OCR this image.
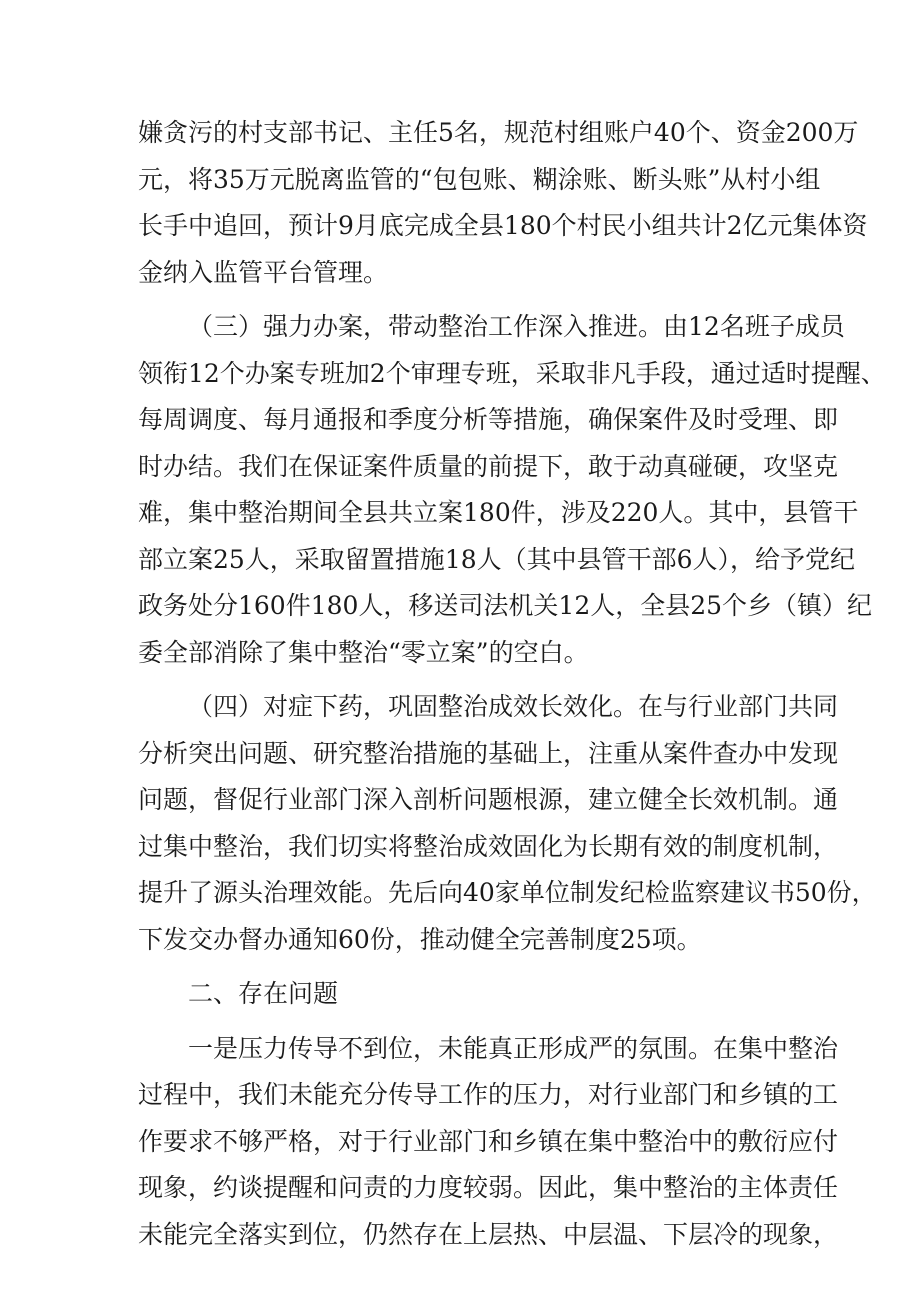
嫌贪污的村支部书记、主任5名，规范村组账户40个、资金200万
元，将35万元脱离监管的“包包账、糊涂账、断头账”从村小组
长手中追回，预计9月底完成全县180个村民小组共计2亿元集体资
金纳入监管平台管理。
（三）强力办案，带动整治工作深入推进。由12名班子成员
领衔12个办案专班加2个审理专班，采取非凡手段，通过适时提醒、
每周调度、每月通报和季度分析等措施，确保案件及时受理、即
时办结。我们在保证案件质量的前提下，敢于动真碰硬，攻坚克
难，集中整治期间全县共立案180件，涉及220人。其中，县管干
部立案25人，采取留置措施18人（其中县管干部6人），给予党纪
政务处分160件180人，移送司法机关12人，全县25个乡（镇）纪
委全部消除了集中整治“零立案”的空白。
（四）对症下药，巩固整治成效长效化。在与行业部门共同
分析突出问题、研究整治措施的基础上，注重从案件查办中发现
问题，督促行业部门深入剖析问题根源，建立健全长效机制。通
过集中整治，我们切实将整治成效固化为长期有效的制度机制，
提升了源头治理效能。先后向40家单位制发纪检监察建议书50份，
下发交办督办通知60份，推动健全完善制度25项。
二、存在问题
一是压力传导不到位，未能真正形成严的氛围。在集中整治
过程中，我们未能充分传导工作的压力，对行业部门和乡镇的工
作要求不够严格，对于行业部门和乡镇在集中整治中的敷衍应付
现象，约谈提醒和问责的力度较弱。因此，集中整治的主体责任
未能完全落实到位，仍然存在上层热、中层温、下层冷的现象，
